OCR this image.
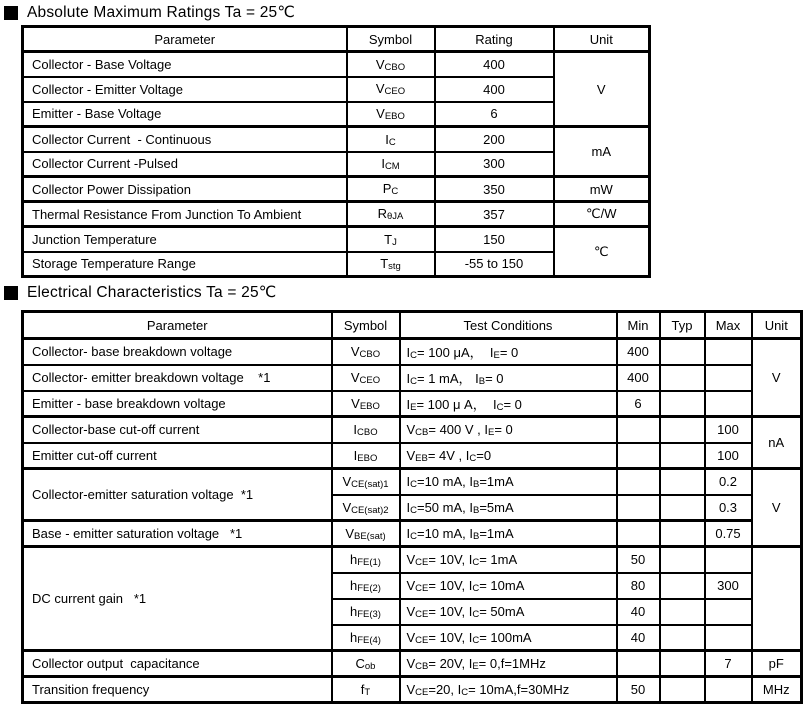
Absolute Maximum Ratings Ta = 25℃
Parameter	Symbol	Rating	Unit
Collector - Base Voltage	$V_{CBO}$	400	V
Collector - Emitter Voltage	$V_{CEO}$	400	
Emitter - Base Voltage	$V_{EBO}$	6	
Collector Current  - Continuous	$I_C$	200	mA
Collector Current -Pulsed	$I_{CM}$	300	
Collector Power Dissipation	$P_C$	350	mW
Thermal Resistance From Junction To Ambient	$R_{\theta JA}$	357	℃/W
Junction Temperature	$T_J$	150	℃
Storage Temperature Range	$T_{stg}$	-55 to 150	
Electrical Characteristics Ta = 25℃
Parameter	Symbol	Test Conditions	Min	Typ	Max	Unit
Collector- base breakdown voltage	$V_{CBO}$	$I_C= 100$ μA，  $I_E= 0$	400			V
Collector- emitter breakdown voltage    *1	$V_{CEO}$	$I_C= 1$ mA， $I_B= 0$	400			
Emitter - base breakdown voltage	$V_{EBO}$	$I_E= 100$ μ A，  $I_C= 0$	6			
Collector-base cut-off current	$I_{CBO}$	$V_{CB}= 400$ V , $I_E= 0$			100	nA
Emitter cut-off current	$I_{EBO}$	$V_{EB}= 4V$ , $I_C=0$			100	
Collector-emitter saturation voltage  *1	$V_{CE(sat)1}$	$I_C=10$ mA, $I_B=1mA$			0.2	V
	$V_{CE(sat)2}$	$I_C=50$ mA, $I_B=5mA$			0.3	
Base - emitter saturation voltage   *1	$V_{BE(sat)}$	$I_C=10$ mA, $I_B=1mA$			0.75	
DC current gain   *1	$h_{FE(1)}$	$V_{CE}= 10V$, $I_C= 1mA$	50			
	$h_{FE(2)}$	$V_{CE}= 10V$, $I_C= 10mA$	80		300	
	$h_{FE(3)}$	$V_{CE}= 10V$, $I_C= 50mA$	40			
	$h_{FE(4)}$	$V_{CE}= 10V$, $I_C= 100mA$	40			
Collector output  capacitance	$C_{ob}$	$V_{CB}= 20V$, $I_E= 0,f=1MHz$			7	pF
Transition frequency	$f_T$	$V_{CE}=20$, $I_C= 10mA,f=30MHz$	50			MHz
